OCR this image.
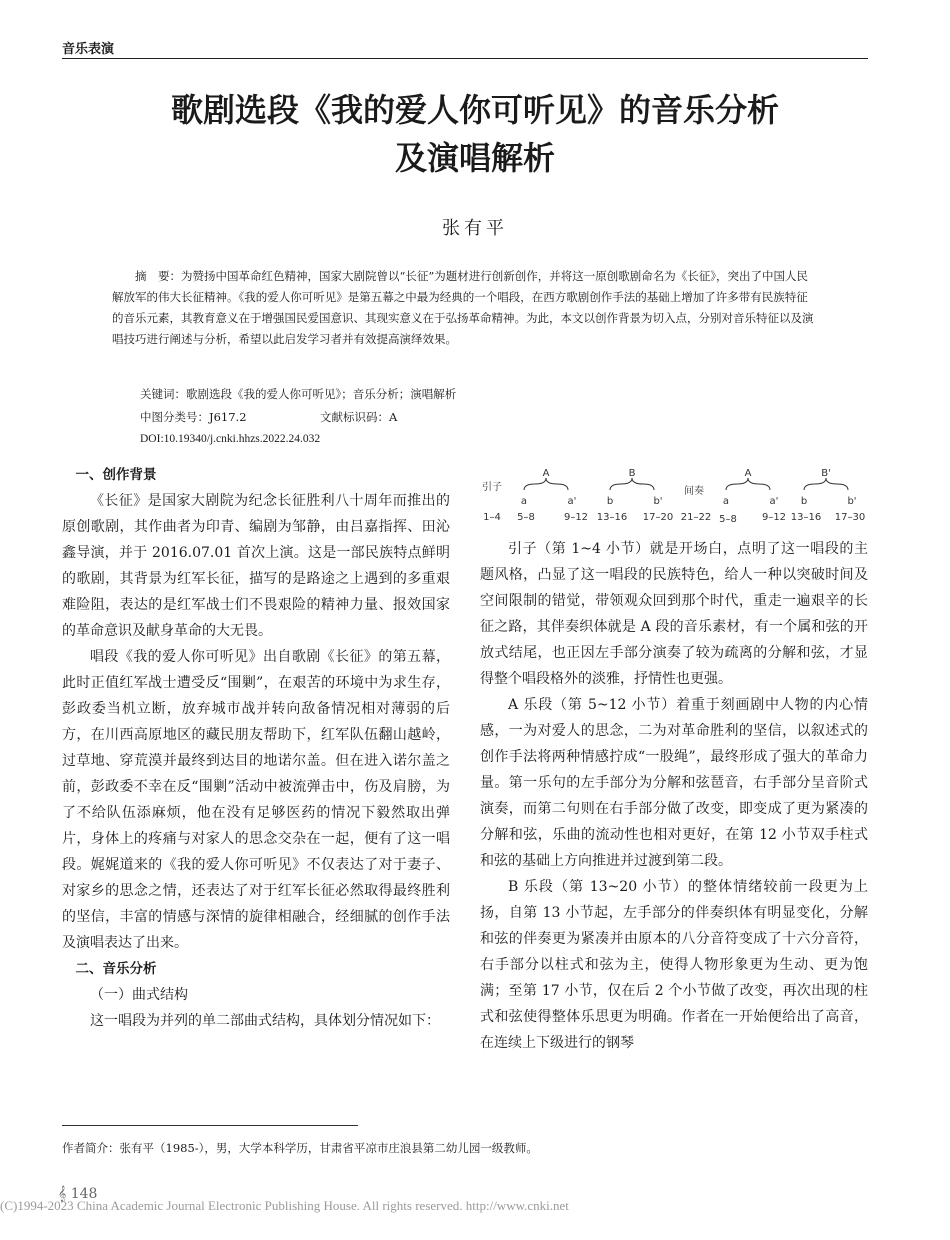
音乐表演
歌剧选段《我的爱人你可听见》的音乐分析
及演唱解析
张有平

摘　要：为赞扬中国革命红色精神，国家大剧院曾以“长征”为题材进行创新创作，并将这一原创歌剧命名为《长征》，突出了中国人民解放军的伟大长征精神。《我的爱人你可听见》是第五幕之中最为经典的一个唱段，在西方歌剧创作手法的基础上增加了许多带有民族特征的音乐元素，其教育意义在于增强国民爱国意识、其现实意义在于弘扬革命精神。为此，本文以创作背景为切入点，分别对音乐特征以及演唱技巧进行阐述与分析，希望以此启发学习者并有效提高演绎效果。

关键词：歌剧选段《我的爱人你可听见》；音乐分析；演唱解析
中图分类号：J617.2	文献标识码：A
DOI:10.19340/j.cnki.hhzs.2022.24.032
一、创作背景

《长征》是国家大剧院为纪念长征胜利八十周年而推出的原创歌剧，其作曲者为印青、编剧为邹静，由吕嘉指挥、田沁鑫导演，并于 2016.07.01 首次上演。这是一部民族特点鲜明的歌剧，其背景为红军长征，描写的是路途之上遇到的多重艰难险阻，表达的是红军战士们不畏艰险的精神力量、报效国家的革命意识及献身革命的大无畏。

唱段《我的爱人你可听见》出自歌剧《长征》的第五幕，此时正值红军战士遭受反“围剿”，在艰苦的环境中为求生存，彭政委当机立断，放弃城市战并转向敌备情况相对薄弱的后方，在川西高原地区的藏民朋友帮助下，红军队伍翻山越岭，过草地、穿荒漠并最终到达目的地诺尔盖。但在进入诺尔盖之前，彭政委不幸在反“围剿”活动中被流弹击中，伤及肩膀，为了不给队伍添麻烦，他在没有足够医药的情况下毅然取出弹片，身体上的疼痛与对家人的思念交杂在一起，便有了这一唱段。娓娓道来的《我的爱人你可听见》不仅表达了对于妻子、对家乡的思念之情，还表达了对于红军长征必然取得最终胜利的坚信，丰富的情感与深情的旋律相融合，经细腻的创作手法及演唱表达了出来。

二、音乐分析
（一）曲式结构

这一唱段为并列的单二部曲式结构，具体划分情况如下：

引子	间奏
A
a	a'
B
b	b'
A
a	a'
B'
b	b'
1–4 5–8	9–12 13–16 17–20 21–22 5–8	9–12 13–16 17–30

引子（第 1~4 小节）就是开场白，点明了这一唱段的主题风格，凸显了这一唱段的民族特色，给人一种以突破时间及空间限制的错觉，带领观众回到那个时代，重走一遍艰辛的长征之路，其伴奏织体就是 A 段的音乐素材，有一个属和弦的开放式结尾，也正因左手部分演奏了较为疏离的分解和弦，才显得整个唱段格外的淡雅，抒情性也更强。

A 乐段（第 5~12 小节）着重于刻画剧中人物的内心情感，一为对爱人的思念，二为对革命胜利的坚信，以叙述式的创作手法将两种情感拧成“一股绳”，最终形成了强大的革命力量。第一乐句的左手部分为分解和弦琶音，右手部分呈音阶式演奏，而第二句则在右手部分做了改变，即变成了更为紧凑的分解和弦，乐曲的流动性也相对更好，在第 12 小节双手柱式和弦的基础上方向推进并过渡到第二段。

B 乐段（第 13~20 小节）的整体情绪较前一段更为上扬，自第 13 小节起，左手部分的伴奏织体有明显变化，分解和弦的伴奏更为紧凑并由原本的八分音符变成了十六分音符，右手部分以柱式和弦为主，使得人物形象更为生动、更为饱满；至第 17 小节，仅在后 2 个小节做了改变，再次出现的柱式和弦使得整体乐思更为明确。作者在一开始便给出了高音，在连续上下级进行的钢琴

作者简介：张有平（1985-），男，大学本科学历，甘肃省平凉市庄浪县第二幼儿园一级教师。
𝄞 148
(C)1994-2023 China Academic Journal Electronic Publishing House. All rights reserved. http://www.cnki.net
